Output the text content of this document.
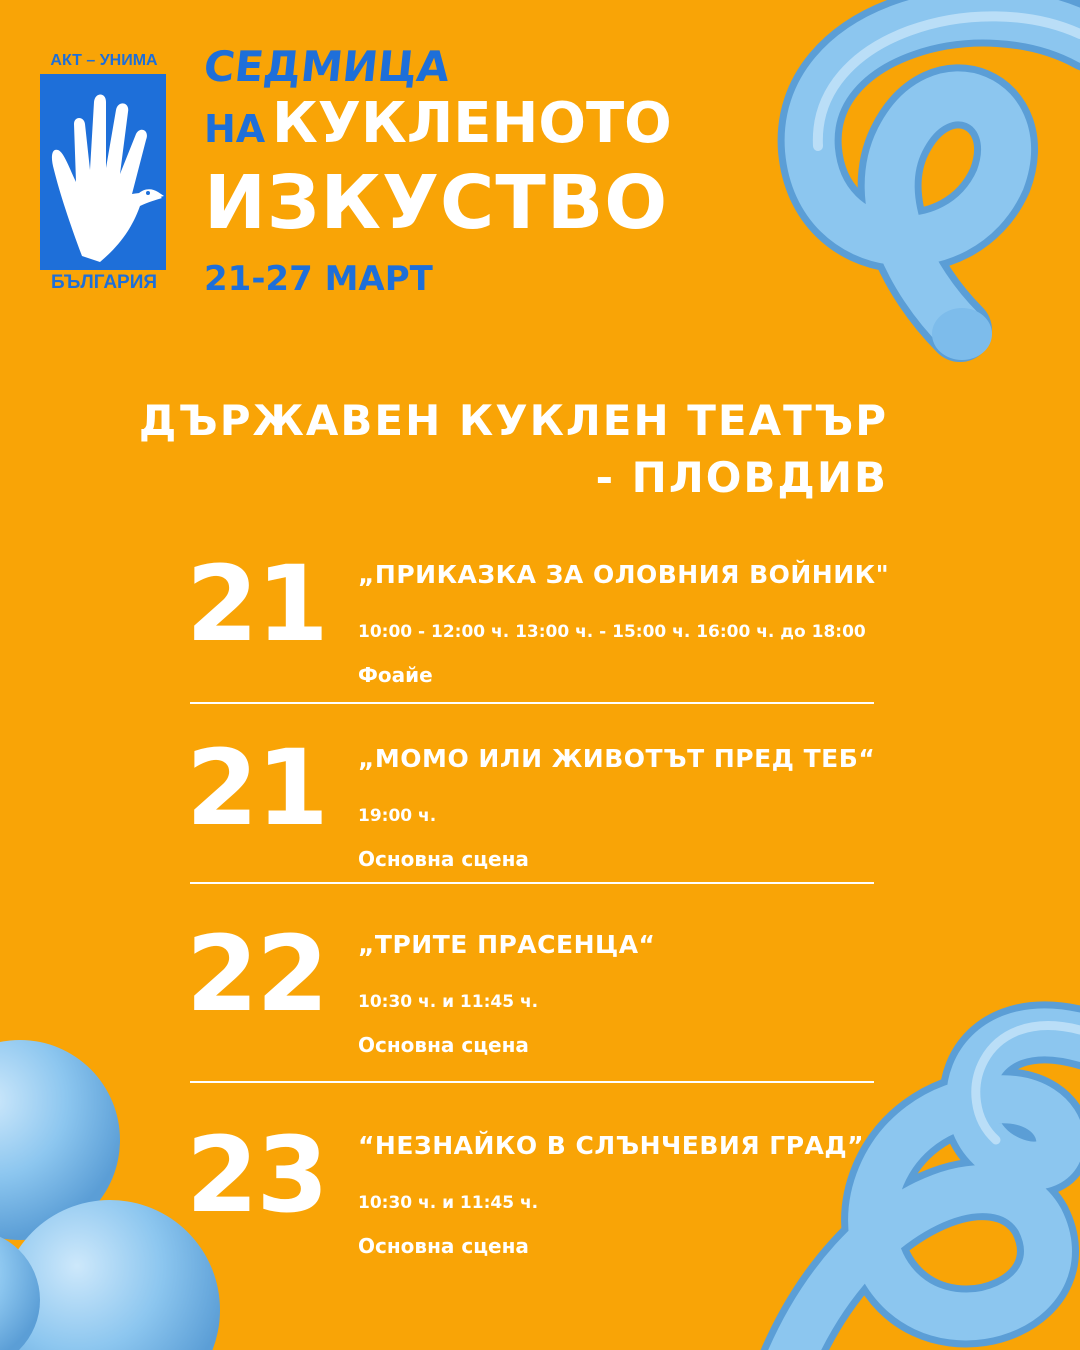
АКТ – УНИМА
БЪЛГАРИЯ
СЕДМИЦА
НА КУКЛЕНОТО
ИЗКУСТВО
21-27 МАРТ
ДЪРЖАВЕН КУКЛЕН ТЕАТЪР
- ПЛОВДИВ
21 „ПРИКАЗКА ЗА ОЛОВНИЯ ВОЙНИК"
10:00 - 12:00 ч. 13:00 ч. - 15:00 ч. 16:00 ч. до 18:00
Фоайе
21 „МОМО ИЛИ ЖИВОТЪТ ПРЕД ТЕБ“
19:00 ч.
Основна сцена
22 „ТРИТЕ ПРАСЕНЦА“
10:30 ч. и 11:45 ч.
Основна сцена
23 “НЕЗНАЙКО В СЛЪНЧЕВИЯ ГРАД”
10:30 ч. и 11:45 ч.
Основна сцена
